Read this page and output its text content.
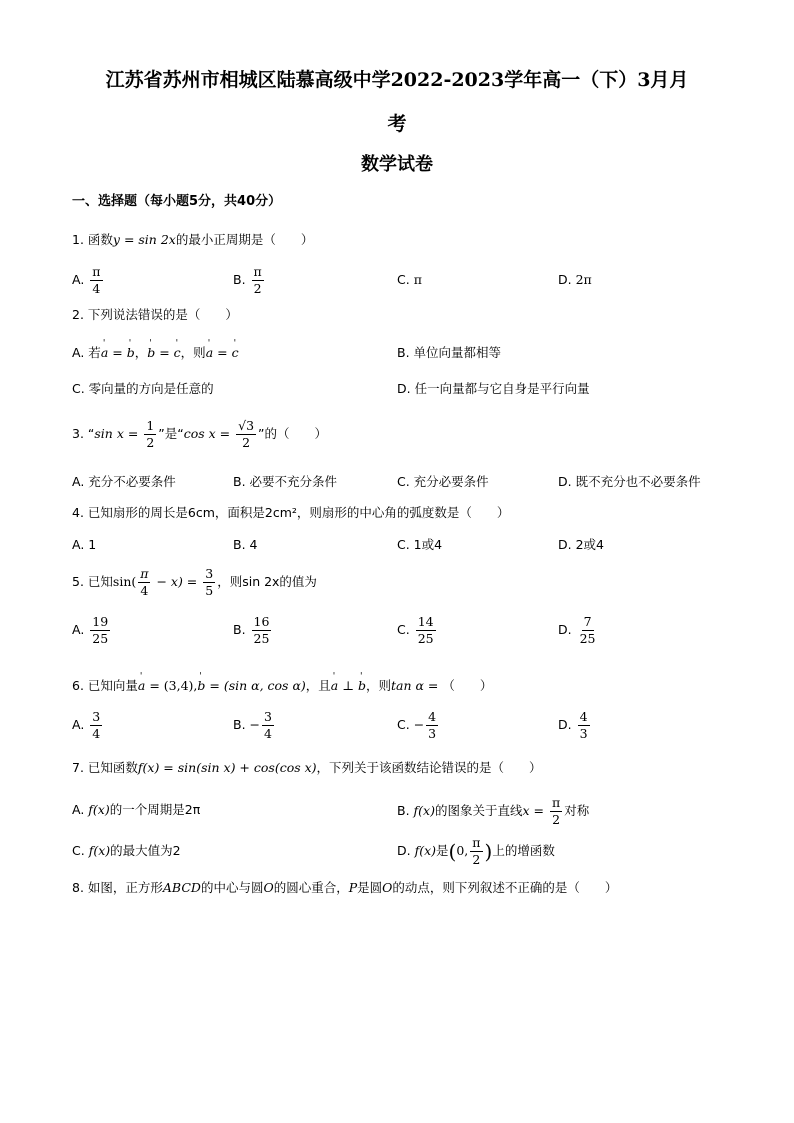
江苏省苏州市相城区陆慕高级中学2022-2023学年高一（下）3月月
考
数学试卷
一、选择题（每小题5分，共40分）
1. 函数y = sin 2x的最小正周期是（　　）
A. $\frac{\pi}{4}$	B. $\frac{\pi}{2}$	C. π	D. 2π
2. 下列说法错误的是（　　）
A. 若' a = ' b，' b = ' c，则' a = ' c	B. 单位向量都相等
C. 零向量的方向是任意的	D. 任一向量都与它自身是平行向量
3. “sin $x = \frac{1}{2}$ ”是“cos $x = \frac{√3}{2}$ ”的（　　）
A. 充分不必要条件	B. 必要不充分条件	C. 充分必要条件	D. 既不充分也不必要条件
4. 已知扇形的周长是6cm，面积是2cm²，则扇形的中心角的弧度数是（　　）
A. 1	B. 4	C. 1或4	D. 2或4
5. 已知$\sin( \frac{\pi}{4} - x) = \frac{3}{5}$ ，则sin 2x的值为
A. $\frac{19}{25}$	B. $\frac{16}{25}$	C. $\frac{14}{25}$	D. $\frac{7}{25}$
6. 已知向量' a = (3,4),' b = (sin α, cos α)，且' a ⊥ ' b，则tan α = （　　）
A. $\frac{3}{4}$	B. − $\frac{3}{4}$	C. − $\frac{4}{3}$	D. $\frac{4}{3}$
7. 已知函数f(x) = sin(sin x) + cos(cos x)，下列关于该函数结论错误的是（　　）
A. f(x)的一个周期是2π	B. f(x)的图象关于直线$x = \frac{\pi}{2}$ 对称
C. f(x)的最大值为2	D. f(x)是(0, $\frac{\pi}{2}$ )上的增函数
8. 如图，正方形ABCD的中心与圆O的圆心重合，P是圆O的动点，则下列叙述不正确的是（　　）
